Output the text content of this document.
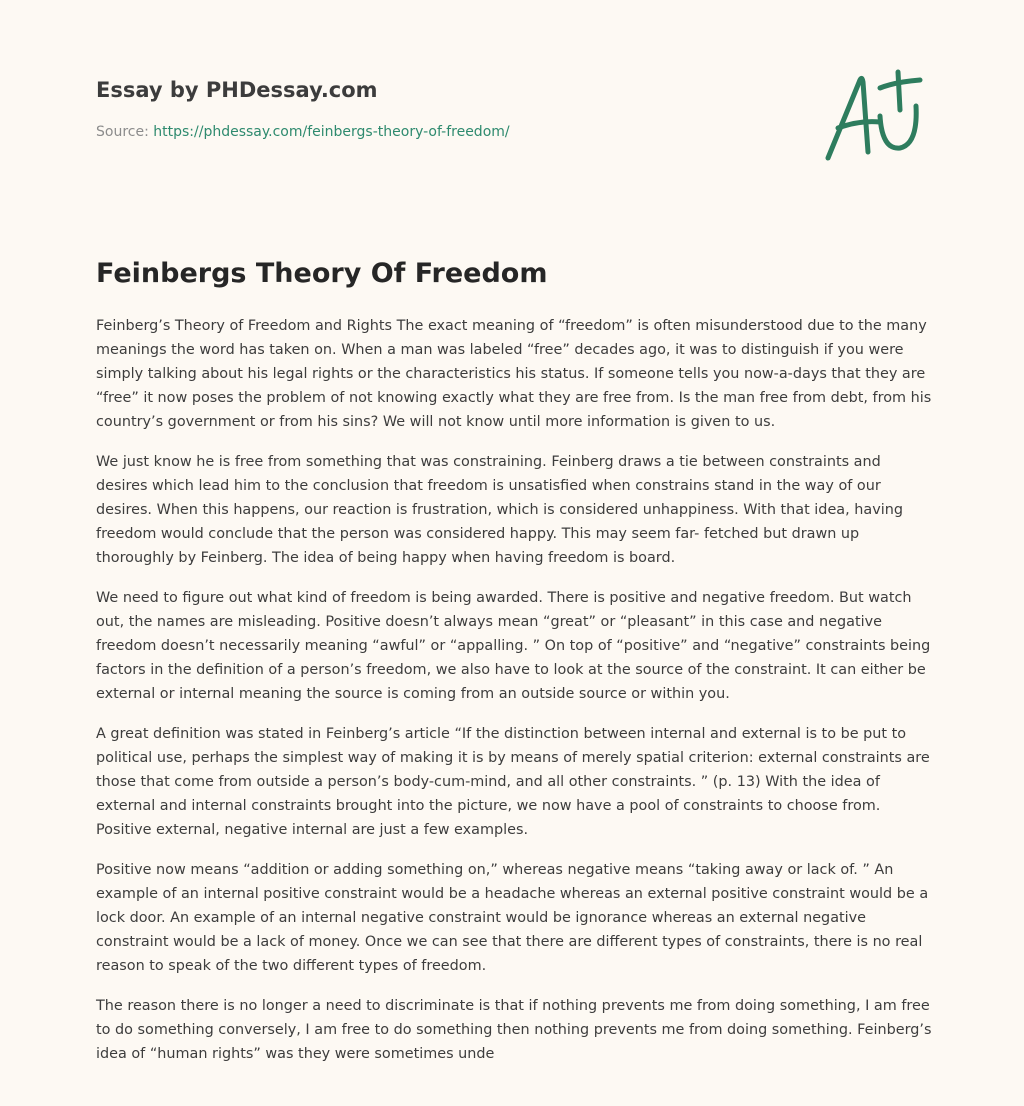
Essay by PHDessay.com
Source: https://phdessay.com/feinbergs-theory-of-freedom/
Feinbergs Theory Of Freedom

Feinberg’s Theory of Freedom and Rights The exact meaning of “freedom” is often misunderstood due to the many meanings the word has taken on. When a man was labeled “free” decades ago, it was to distinguish if you were simply talking about his legal rights or the characteristics his status. If someone tells you now-a-days that they are “free” it now poses the problem of not knowing exactly what they are free from. Is the man free from debt, from his country’s government or from his sins? We will not know until more information is given to us.

We just know he is free from something that was constraining. Feinberg draws a tie between constraints and desires which lead him to the conclusion that freedom is unsatisfied when constrains stand in the way of our desires. When this happens, our reaction is frustration, which is considered unhappiness. With that idea, having freedom would conclude that the person was considered happy. This may seem far- fetched but drawn up thoroughly by Feinberg. The idea of being happy when having freedom is board.

We need to figure out what kind of freedom is being awarded. There is positive and negative freedom. But watch out, the names are misleading. Positive doesn’t always mean “great” or “pleasant” in this case and negative freedom doesn’t necessarily meaning “awful” or “appalling. ” On top of “positive” and “negative” constraints being factors in the definition of a person’s freedom, we also have to look at the source of the constraint. It can either be external or internal meaning the source is coming from an outside source or within you.

A great definition was stated in Feinberg’s article “If the distinction between internal and external is to be put to political use, perhaps the simplest way of making it is by means of merely spatial criterion: external constraints are those that come from outside a person’s body-cum-mind, and all other constraints. ” (p. 13) With the idea of external and internal constraints brought into the picture, we now have a pool of constraints to choose from. Positive external, negative internal are just a few examples.

Positive now means “addition or adding something on,” whereas negative means “taking away or lack of. ” An example of an internal positive constraint would be a headache whereas an external positive constraint would be a lock door. An example of an internal negative constraint would be ignorance whereas an external negative constraint would be a lack of money. Once we can see that there are different types of constraints, there is no real reason to speak of the two different types of freedom.

The reason there is no longer a need to discriminate is that if nothing prevents me from doing something, I am free to do something conversely, I am free to do something then nothing prevents me from doing something. Feinberg’s idea of “human rights” was they were sometimes unde
